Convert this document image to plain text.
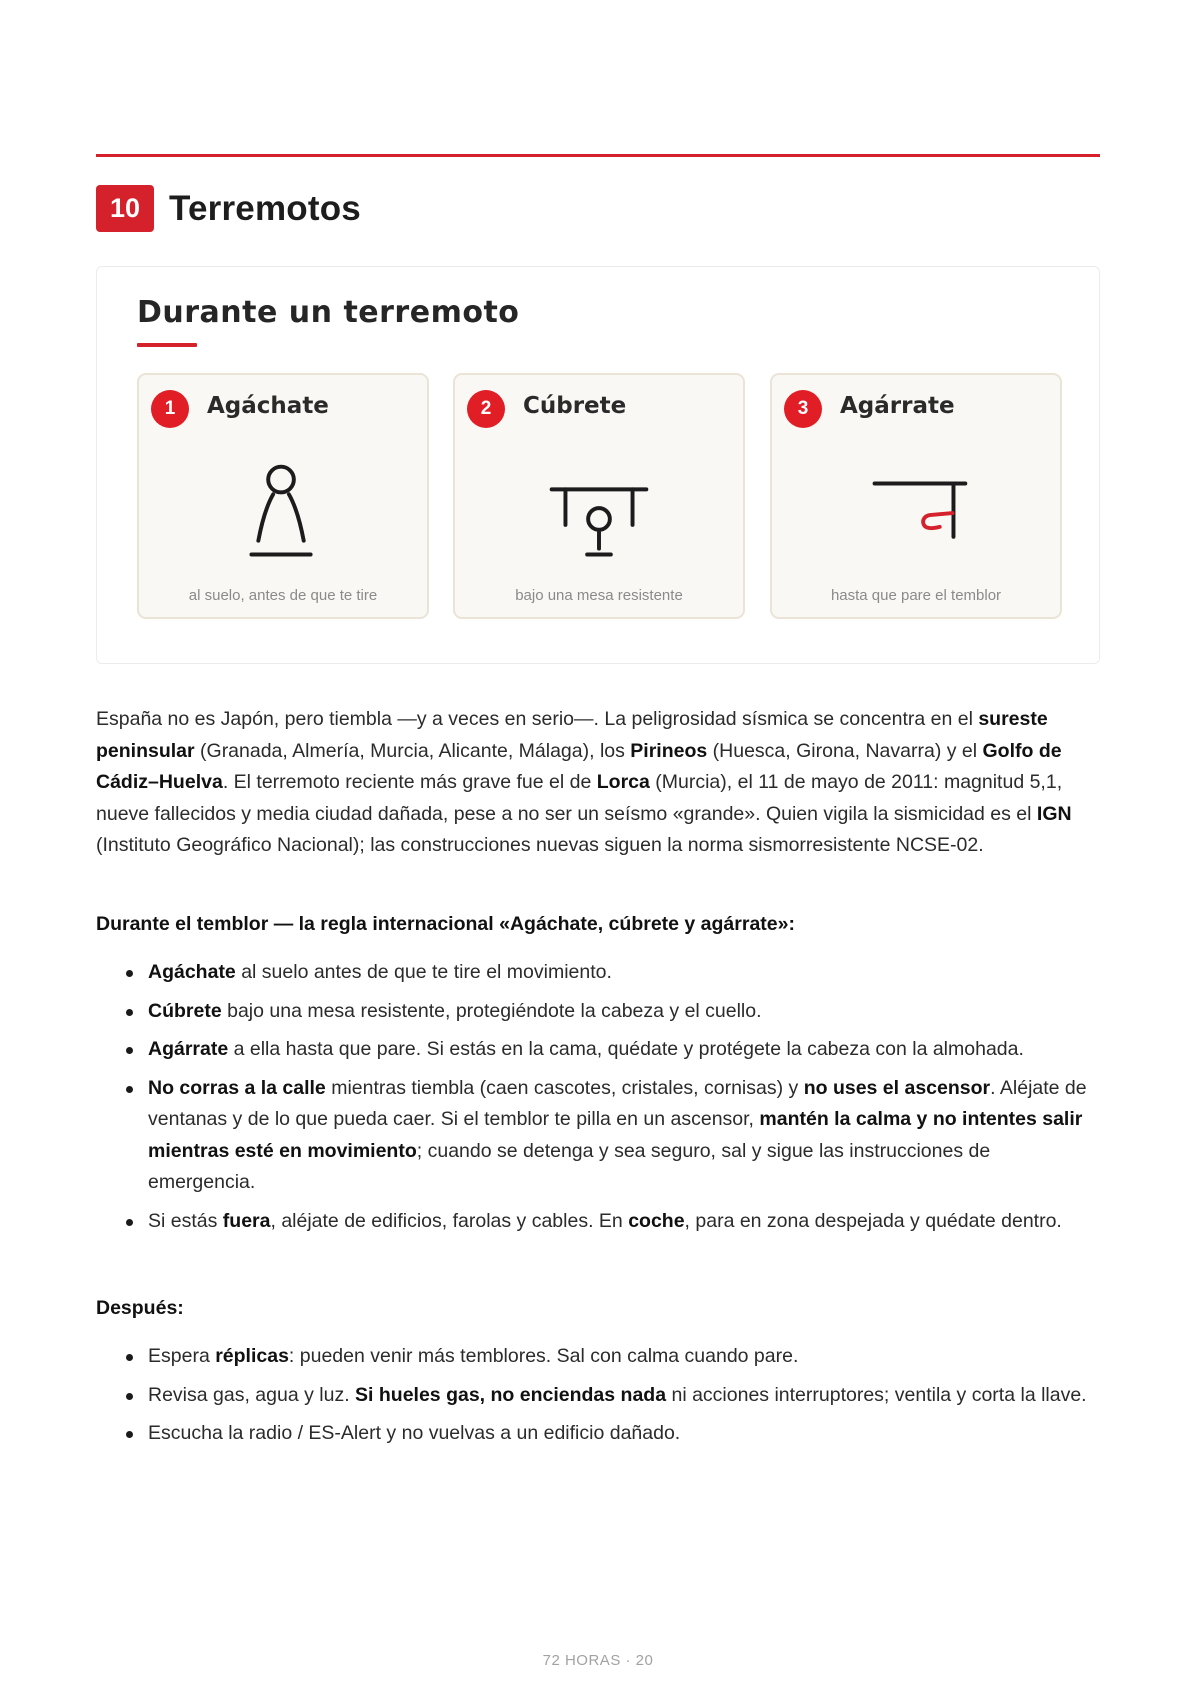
10 Terremotos
Durante un terremoto
1	Agáchate
al suelo, antes de que te tire
2	Cúbrete
bajo una mesa resistente
3	Agárrate
hasta que pare el temblor

España no es Japón, pero tiembla —y a veces en serio—. La peligrosidad sísmica se concentra en el sureste peninsular (Granada, Almería, Murcia, Alicante, Málaga), los Pirineos (Huesca, Girona, Navarra) y el Golfo de Cádiz–Huelva. El terremoto reciente más grave fue el de Lorca (Murcia), el 11 de mayo de 2011: magnitud 5,1, nueve fallecidos y media ciudad dañada, pese a no ser un seísmo «grande». Quien vigila la sismicidad es el IGN (Instituto Geográfico Nacional); las construcciones nuevas siguen la norma sismorresistente NCSE-02.

Durante el temblor — la regla internacional «Agáchate, cúbrete y agárrate»:
Agáchate al suelo antes de que te tire el movimiento.
Cúbrete bajo una mesa resistente, protegiéndote la cabeza y el cuello.
Agárrate a ella hasta que pare. Si estás en la cama, quédate y protégete la cabeza con la almohada.
No corras a la calle mientras tiembla (caen cascotes, cristales, cornisas) y no uses el ascensor. Aléjate de ventanas y de lo que pueda caer. Si el temblor te pilla en un ascensor, mantén la calma y no intentes salir mientras esté en movimiento; cuando se detenga y sea seguro, sal y sigue las instrucciones de emergencia.
Si estás fuera, aléjate de edificios, farolas y cables. En coche, para en zona despejada y quédate dentro.
Después:
Espera réplicas: pueden venir más temblores. Sal con calma cuando pare.
Revisa gas, agua y luz. Si hueles gas, no enciendas nada ni acciones interruptores; ventila y corta la llave.
Escucha la radio / ES-Alert y no vuelvas a un edificio dañado.
72 HORAS · 20
